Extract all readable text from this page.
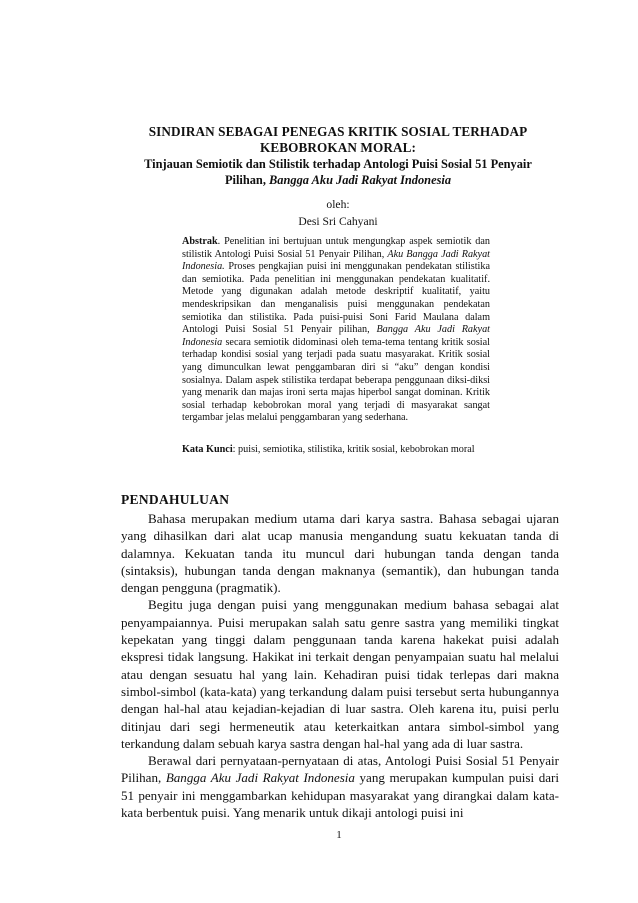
SINDIRAN SEBAGAI PENEGAS KRITIK SOSIAL TERHADAP
KEBOBROKAN MORAL:
Tinjauan Semiotik dan Stilistik terhadap Antologi Puisi Sosial 51 Penyair
Pilihan, Bangga Aku Jadi Rakyat Indonesia
oleh:
Desi Sri Cahyani

Abstrak. Penelitian ini bertujuan untuk mengungkap aspek semiotik dan stilistik Antologi Puisi Sosial 51 Penyair Pilihan, Aku Bangga Jadi Rakyat Indonesia. Proses pengkajian puisi ini menggunakan pendekatan stilistika dan semiotika. Pada penelitian ini menggunakan pendekatan kualitatif. Metode yang digunakan adalah metode deskriptif kualitatif, yaitu mendeskripsikan dan menganalisis puisi menggunakan pendekatan semiotika dan stilistika. Pada puisi-puisi Soni Farid Maulana dalam Antologi Puisi Sosial 51 Penyair pilihan, Bangga Aku Jadi Rakyat Indonesia secara semiotik didominasi oleh tema-tema tentang kritik sosial terhadap kondisi sosial yang terjadi pada suatu masyarakat. Kritik sosial yang dimunculkan lewat penggambaran diri si “aku” dengan kondisi sosialnya. Dalam aspek stilistika terdapat beberapa penggunaan diksi-diksi yang menarik dan majas ironi serta majas hiperbol sangat dominan. Kritik sosial terhadap kebobrokan moral yang terjadi di masyarakat sangat tergambar jelas melalui penggambaran yang sederhana.

Kata Kunci: puisi, semiotika, stilistika, kritik sosial, kebobrokan moral
PENDAHULUAN

Bahasa merupakan medium utama dari karya sastra. Bahasa sebagai ujaran yang dihasilkan dari alat ucap manusia mengandung suatu kekuatan tanda di dalamnya. Kekuatan tanda itu muncul dari hubungan tanda dengan tanda (sintaksis), hubungan tanda dengan maknanya (semantik), dan hubungan tanda dengan pengguna (pragmatik).

Begitu juga dengan puisi yang menggunakan medium bahasa sebagai alat penyampaiannya. Puisi merupakan salah satu genre sastra yang memiliki tingkat kepekatan yang tinggi dalam penggunaan tanda karena hakekat puisi adalah ekspresi tidak langsung. Hakikat ini terkait dengan penyampaian suatu hal melalui atau dengan sesuatu hal yang lain. Kehadiran puisi tidak terlepas dari makna simbol-simbol (kata-kata) yang terkandung dalam puisi tersebut serta hubungannya dengan hal-hal atau kejadian-kejadian di luar sastra. Oleh karena itu, puisi perlu ditinjau dari segi hermeneutik atau keterkaitkan antara simbol-simbol yang terkandung dalam sebuah karya sastra dengan hal-hal yang ada di luar sastra.

Berawal dari pernyataan-pernyataan di atas, Antologi Puisi Sosial 51 Penyair Pilihan, Bangga Aku Jadi Rakyat Indonesia yang merupakan kumpulan puisi dari 51 penyair ini menggambarkan kehidupan masyarakat yang dirangkai dalam kata-kata berbentuk puisi. Yang menarik untuk dikaji antologi puisi ini

1
